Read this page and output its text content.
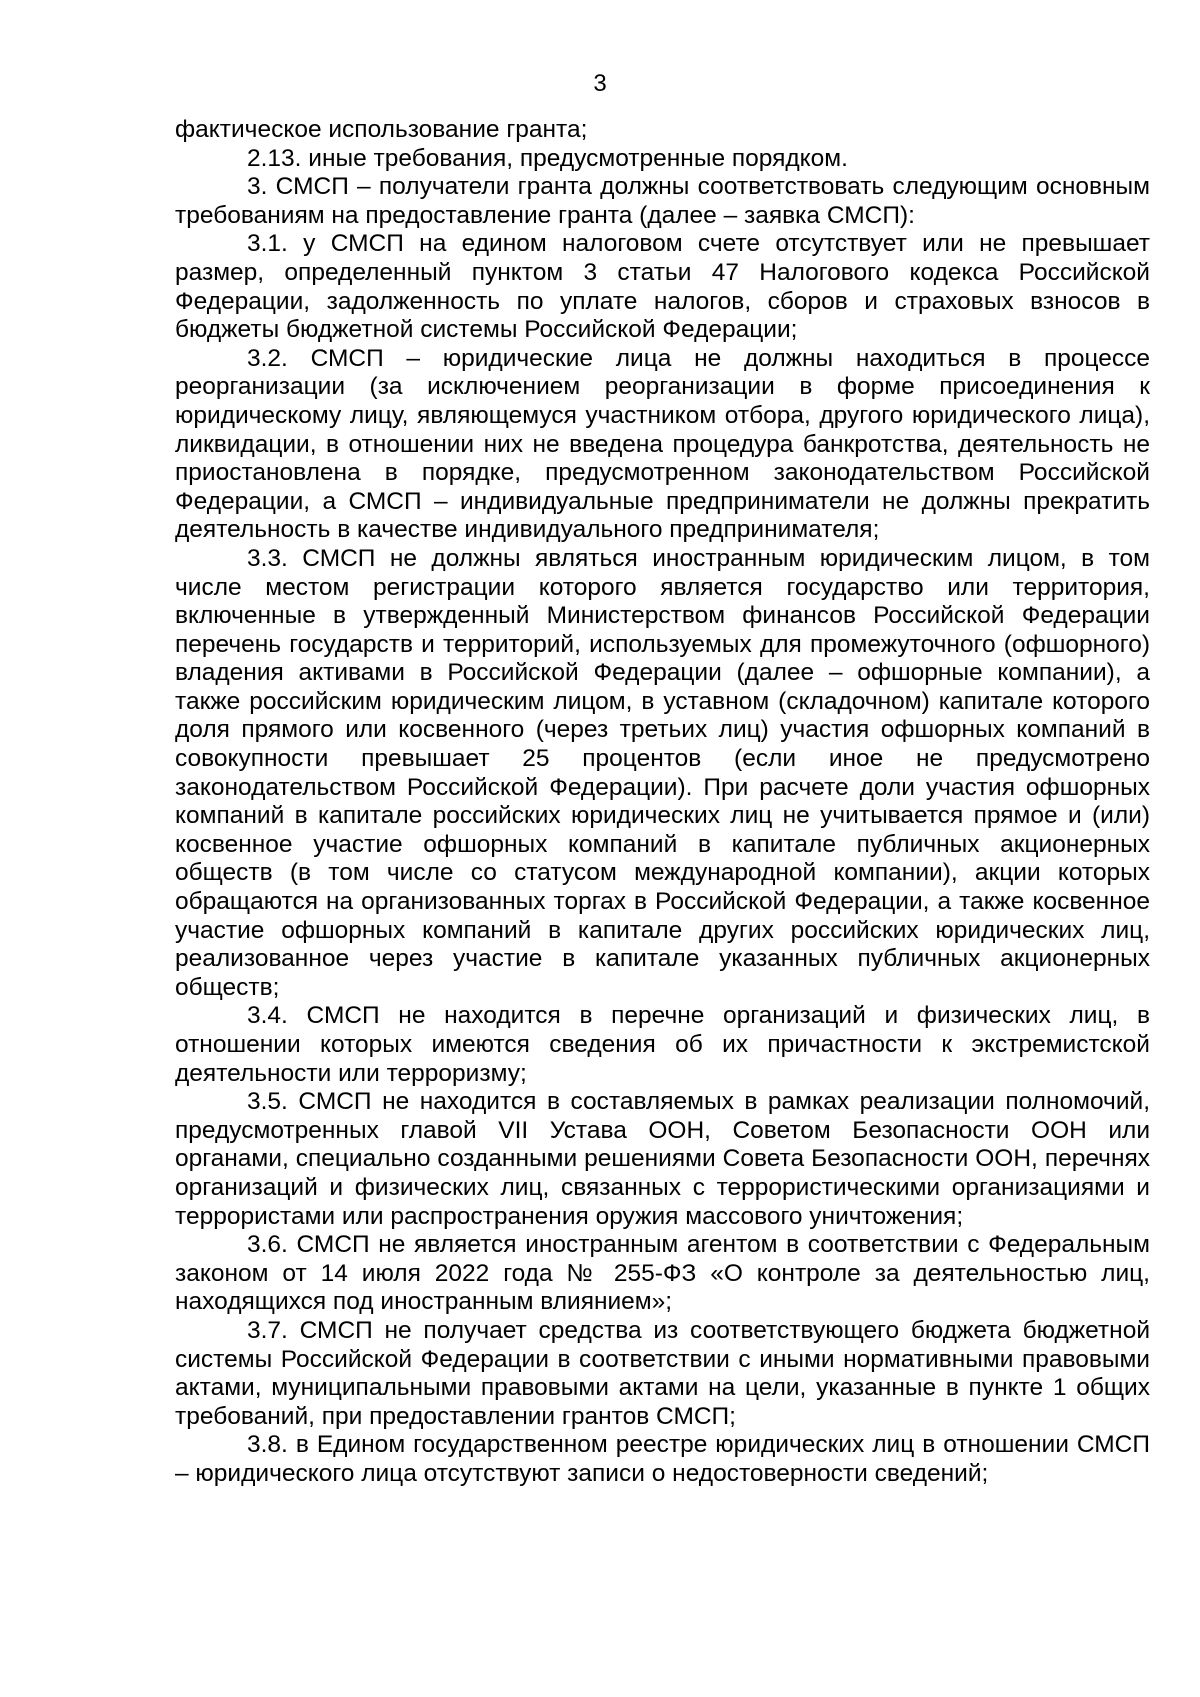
3

фактическое использование гранта;

2.13. иные требования, предусмотренные порядком.

3. СМСП – получатели гранта должны соответствовать следующим основным требованиям на предоставление гранта (далее – заявка СМСП):

3.1. у СМСП на едином налоговом счете отсутствует или не превышает размер, определенный пунктом 3 статьи 47 Налогового кодекса Российской Федерации, задолженность по уплате налогов, сборов и страховых взносов в бюджеты бюджетной системы Российской Федерации;

3.2. СМСП – юридические лица не должны находиться в процессе реорганизации (за исключением реорганизации в форме присоединения к юридическому лицу, являющемуся участником отбора, другого юридического лица), ликвидации, в отношении них не введена процедура банкротства, деятельность не приостановлена в порядке, предусмотренном законодательством Российской Федерации, а СМСП – индивидуальные предприниматели не должны прекратить деятельность в качестве индивидуального предпринимателя;

3.3. СМСП не должны являться иностранным юридическим лицом, в том числе местом регистрации которого является государство или территория, включенные в утвержденный Министерством финансов Российской Федерации перечень государств и территорий, используемых для промежуточного (офшорного) владения активами в Российской Федерации (далее – офшорные компании), а также российским юридическим лицом, в уставном (складочном) капитале которого доля прямого или косвенного (через третьих лиц) участия офшорных компаний в совокупности превышает 25 процентов (если иное не предусмотрено законодательством Российской Федерации). При расчете доли участия офшорных компаний в капитале российских юридических лиц не учитывается прямое и (или) косвенное участие офшорных компаний в капитале публичных акционерных обществ (в том числе со статусом международной компании), акции которых обращаются на организованных торгах в Российской Федерации, а также косвенное участие офшорных компаний в капитале других российских юридических лиц, реализованное через участие в капитале указанных публичных акционерных обществ;

3.4. СМСП не находится в перечне организаций и физических лиц, в отношении которых имеются сведения об их причастности к экстремистской деятельности или терроризму;

3.5. СМСП не находится в составляемых в рамках реализации полномочий, предусмотренных главой VII Устава ООН, Советом Безопасности ООН или органами, специально созданными решениями Совета Безопасности ООН, перечнях организаций и физических лиц, связанных с террористическими организациями и террористами или распространения оружия массового уничтожения;

3.6. СМСП не является иностранным агентом в соответствии с Федеральным законом от 14 июля 2022 года № 255-ФЗ «О контроле за деятельностью лиц, находящихся под иностранным влиянием»;

3.7. СМСП не получает средства из соответствующего бюджета бюджетной системы Российской Федерации в соответствии с иными нормативными правовыми актами, муниципальными правовыми актами на цели, указанные в пункте 1 общих требований, при предоставлении грантов СМСП;

3.8. в Едином государственном реестре юридических лиц в отношении СМСП – юридического лица отсутствуют записи о недостоверности сведений;
